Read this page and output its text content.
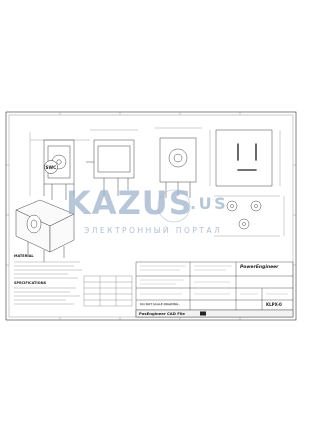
MATERIAL
SPECIFICATIONS
SWC
PowerEngineer
DO NOT SCALE DRAWING	KLPX-0
PosEngineer CAD File
KAZUS
.US
ЭЛЕКТРОННЫЙ ПОРТАЛ
